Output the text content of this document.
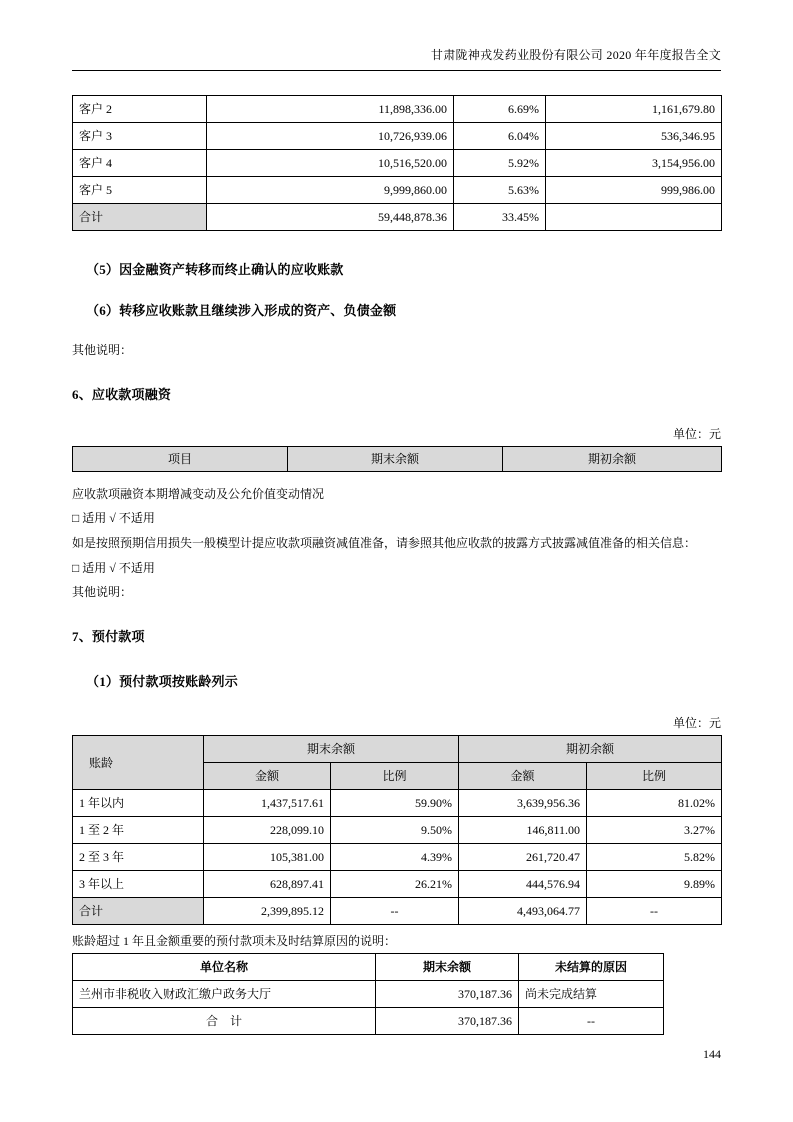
甘肃陇神戎发药业股份有限公司 2020 年年度报告全文
客户 2	11,898,336.00	6.69%	1,161,679.80
客户 3	10,726,939.06	6.04%	536,346.95
客户 4	10,516,520.00	5.92%	3,154,956.00
客户 5	9,999,860.00	5.63%	999,986.00
合计	59,448,878.36	33.45%	
（5）因金融资产转移而终止确认的应收账款
（6）转移应收账款且继续涉入形成的资产、负债金额
其他说明：
6、应收款项融资
单位：元
项目	期末余额	期初余额
应收款项融资本期增减变动及公允价值变动情况
□ 适用 √ 不适用
如是按照预期信用损失一般模型计提应收款项融资减值准备，请参照其他应收款的披露方式披露减值准备的相关信息：
□ 适用 √ 不适用
其他说明：
7、预付款项
（1）预付款项按账龄列示
单位：元
账龄	期末余额		期初余额	
	金额	比例	金额	比例
1 年以内	1,437,517.61	59.90%	3,639,956.36	81.02%
1 至 2 年	228,099.10	9.50%	146,811.00	3.27%
2 至 3 年	105,381.00	4.39%	261,720.47	5.82%
3 年以上	628,897.41	26.21%	444,576.94	9.89%
合计	2,399,895.12	--	4,493,064.77	--
账龄超过 1 年且金额重要的预付款项未及时结算原因的说明：
单位名称	期末余额	未结算的原因
兰州市非税收入财政汇缴户政务大厅	370,187.36	尚未完成结算
合　计	370,187.36	--
144
